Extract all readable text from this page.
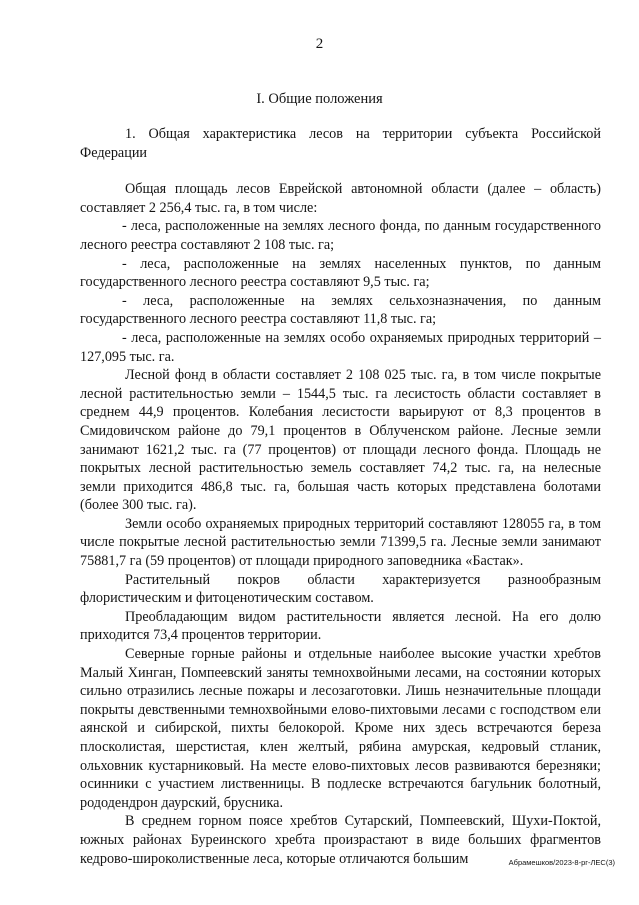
2
I. Общие положения

1. Общая характеристика лесов на территории субъекта Российской Федерации

Общая площадь лесов Еврейской автономной области (далее – область) составляет 2 256,4 тыс. га, в том числе:

- леса, расположенные на землях лесного фонда, по данным государственного лесного реестра составляют 2 108 тыс. га;

- леса, расположенные на землях населенных пунктов, по данным государственного лесного реестра составляют 9,5 тыс. га;

- леса, расположенные на землях сельхозназначения, по данным государственного лесного реестра составляют 11,8 тыс. га;

- леса, расположенные на землях особо охраняемых природных территорий – 127,095 тыс. га.

Лесной фонд в области составляет 2 108 025 тыс. га, в том числе покрытые лесной растительностью земли – 1544,5 тыс. га лесистость области составляет в среднем 44,9 процентов. Колебания лесистости варьируют от 8,3 процентов в Смидовичском районе до 79,1 процентов в Облученском районе. Лесные земли занимают 1621,2 тыс. га (77 процентов) от площади лесного фонда. Площадь не покрытых лесной растительностью земель составляет 74,2 тыс. га, на нелесные земли приходится 486,8 тыс. га, большая часть которых представлена болотами (более 300 тыс. га).

Земли особо охраняемых природных территорий составляют 128055 га, в том числе покрытые лесной растительностью земли 71399,5 га. Лесные земли занимают 75881,7 га (59 процентов) от площади природного заповедника «Бастак».

Растительный покров области характеризуется разнообразным флористическим и фитоценотическим составом.

Преобладающим видом растительности является лесной. На его долю приходится 73,4 процентов территории.

Северные горные районы и отдельные наиболее высокие участки хребтов Малый Хинган, Помпеевский заняты темнохвойными лесами, на состоянии которых сильно отразились лесные пожары и лесозаготовки. Лишь незначительные площади покрыты девственными темнохвойными елово-пихтовыми лесами с господством ели аянской и сибирской, пихты белокорой. Кроме них здесь встречаются береза плосколистая, шерстистая, клен желтый, рябина амурская, кедровый стланик, ольховник кустарниковый. На месте елово-пихтовых лесов развиваются березняки; осинники с участием лиственницы. В подлеске встречаются багульник болотный, рододендрон даурский, брусника.

В среднем горном поясе хребтов Сутарский, Помпеевский, Шухи-Поктой, южных районах Буреинского хребта произрастают в виде больших фрагментов кедрово-широколиственные леса, которые отличаются большим	Абрамешков/2023-8-рг-ЛЕС(3)
